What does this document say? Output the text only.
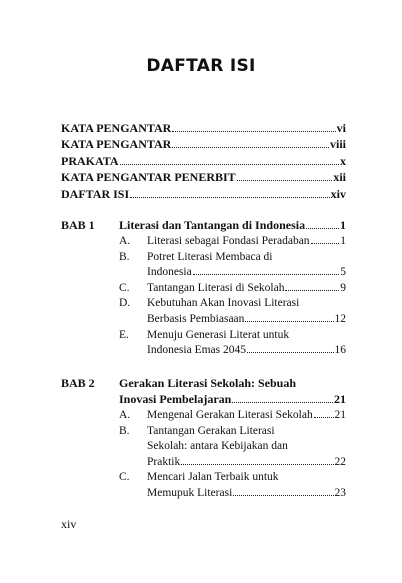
DAFTAR ISI
KATA PENGANTAR	vi
KATA PENGANTAR	viii
PRAKATA	x
KATA PENGANTAR PENERBIT	xii
DAFTAR ISI	xiv
BAB 1 Literasi dan Tantangan di Indonesia	1
A.	Literasi sebagai Fondasi Peradaban	1
B.	Potret Literasi Membaca di
Indonesia	5
C.	Tantangan Literasi di Sekolah	9
D.	Kebutuhan Akan Inovasi Literasi
Berbasis Pembiasaan	12
E.	Menuju Generasi Literat untuk
Indonesia Emas 2045	16
BAB 2 Gerakan Literasi Sekolah: Sebuah
Inovasi Pembelajaran	21
A.	Mengenal Gerakan Literasi Sekolah 21
B.	Tantangan Gerakan Literasi
Sekolah: antara Kebijakan dan
Praktik	22
C.	Mencari Jalan Terbaik untuk
Memupuk Literasi	23
xiv
